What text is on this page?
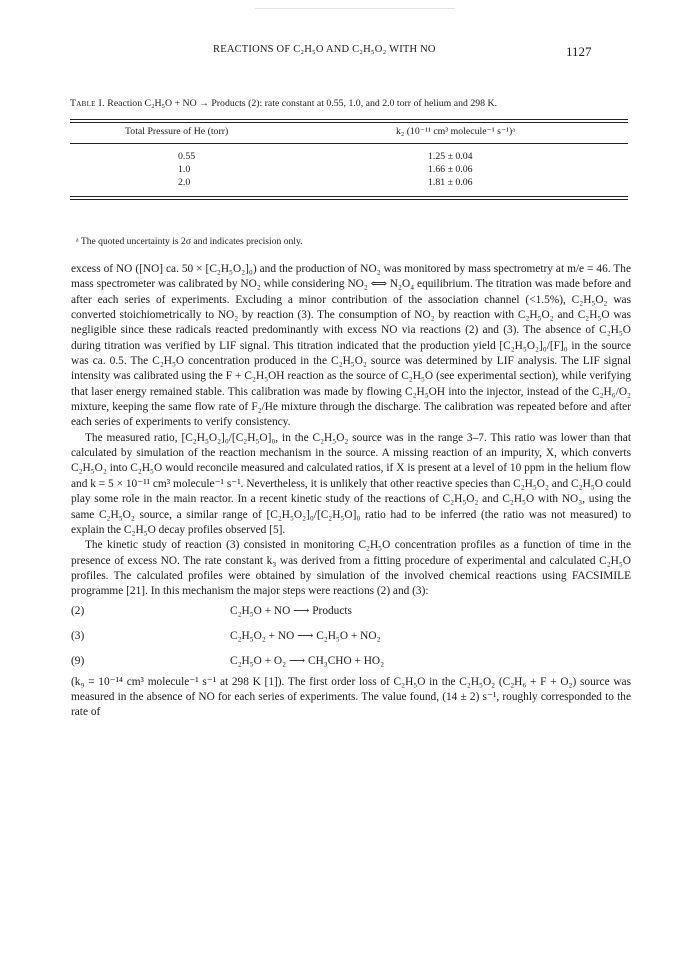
REACTIONS OF C₂H₅O AND C₂H₅O₂ WITH NO	1127
Table I. Reaction C₂H₅O + NO → Products (2): rate constant at 0.55, 1.0, and 2.0 torr of helium and 298 K.
Total Pressure of He (torr)	k₂ (10⁻¹¹ cm³ molecule⁻¹ s⁻¹)ᵃ
0.55	1.25 ± 0.04
1.0	1.66 ± 0.06
2.0	1.81 ± 0.06
ᵃ The quoted uncertainty is 2σ and indicates precision only.

excess of NO ([NO] ca. 50 × [C₂H₅O₂]₀) and the production of NO₂ was monitored by mass spectrometry at m/e = 46. The mass spectrometer was calibrated by NO₂ while considering NO₂ ⟺ N₂O₄ equilibrium. The titration was made before and after each series of experiments. Excluding a minor contribution of the association channel (<1.5%), C₂H₅O₂ was converted stoichiometrically to NO₂ by reaction (3). The consumption of NO₂ by reaction with C₂H₅O₂ and C₂H₅O was negligible since these radicals reacted predominantly with excess NO via reactions (2) and (3). The absence of C₂H₅O during titration was verified by LIF signal. This titration indicated that the production yield [C₂H₅O₂]₀/[F]₀ in the source was ca. 0.5. The C₂H₅O concentration produced in the C₂H₅O₂ source was determined by LIF analysis. The LIF signal intensity was calibrated using the F + C₂H₅OH reaction as the source of C₂H₅O (see experimental section), while verifying that laser energy remained stable. This calibration was made by flowing C₂H₅OH into the injector, instead of the C₂H₆/O₂ mixture, keeping the same flow rate of F₂/He mixture through the discharge. The calibration was repeated before and after each series of experiments to verify consistency.

The measured ratio, [C₂H₅O₂]₀/[C₂H₅O]₀, in the C₂H₅O₂ source was in the range 3–7. This ratio was lower than that calculated by simulation of the reaction mechanism in the source. A missing reaction of an impurity, X, which converts C₂H₅O₂ into C₂H₅O would reconcile measured and calculated ratios, if X is present at a level of 10 ppm in the helium flow and k = 5 × 10⁻¹¹ cm³ molecule⁻¹ s⁻¹. Nevertheless, it is unlikely that other reactive species than C₂H₅O₂ and C₂H₅O could play some role in the main reactor. In a recent kinetic study of the reactions of C₂H₅O₂ and C₂H₅O with NO₃, using the same C₂H₅O₂ source, a similar range of [C₂H₅O₂]₀/[C₂H₅O]₀ ratio had to be inferred (the ratio was not measured) to explain the C₂H₅O decay profiles observed [5].

The kinetic study of reaction (3) consisted in monitoring C₂H₅O concentration profiles as a function of time in the presence of excess NO. The rate constant k₃ was derived from a fitting procedure of experimental and calculated C₂H₅O profiles. The calculated profiles were obtained by simulation of the involved chemical reactions using FACSIMILE programme [21]. In this mechanism the major steps were reactions (2) and (3):

(2)	C₂H₅O + NO ⟶ Products
(3)	C₂H₅O₂ + NO ⟶ C₂H₅O + NO₂
(9)	C₂H₅O + O₂ ⟶ CH₃CHO + HO₂

(k₉ = 10⁻¹⁴ cm³ molecule⁻¹ s⁻¹ at 298 K [1]). The first order loss of C₂H₅O in the C₂H₅O₂ (C₂H₆ + F + O₂) source was measured in the absence of NO for each series of experiments. The value found, (14 ± 2) s⁻¹, roughly corresponded to the rate of
